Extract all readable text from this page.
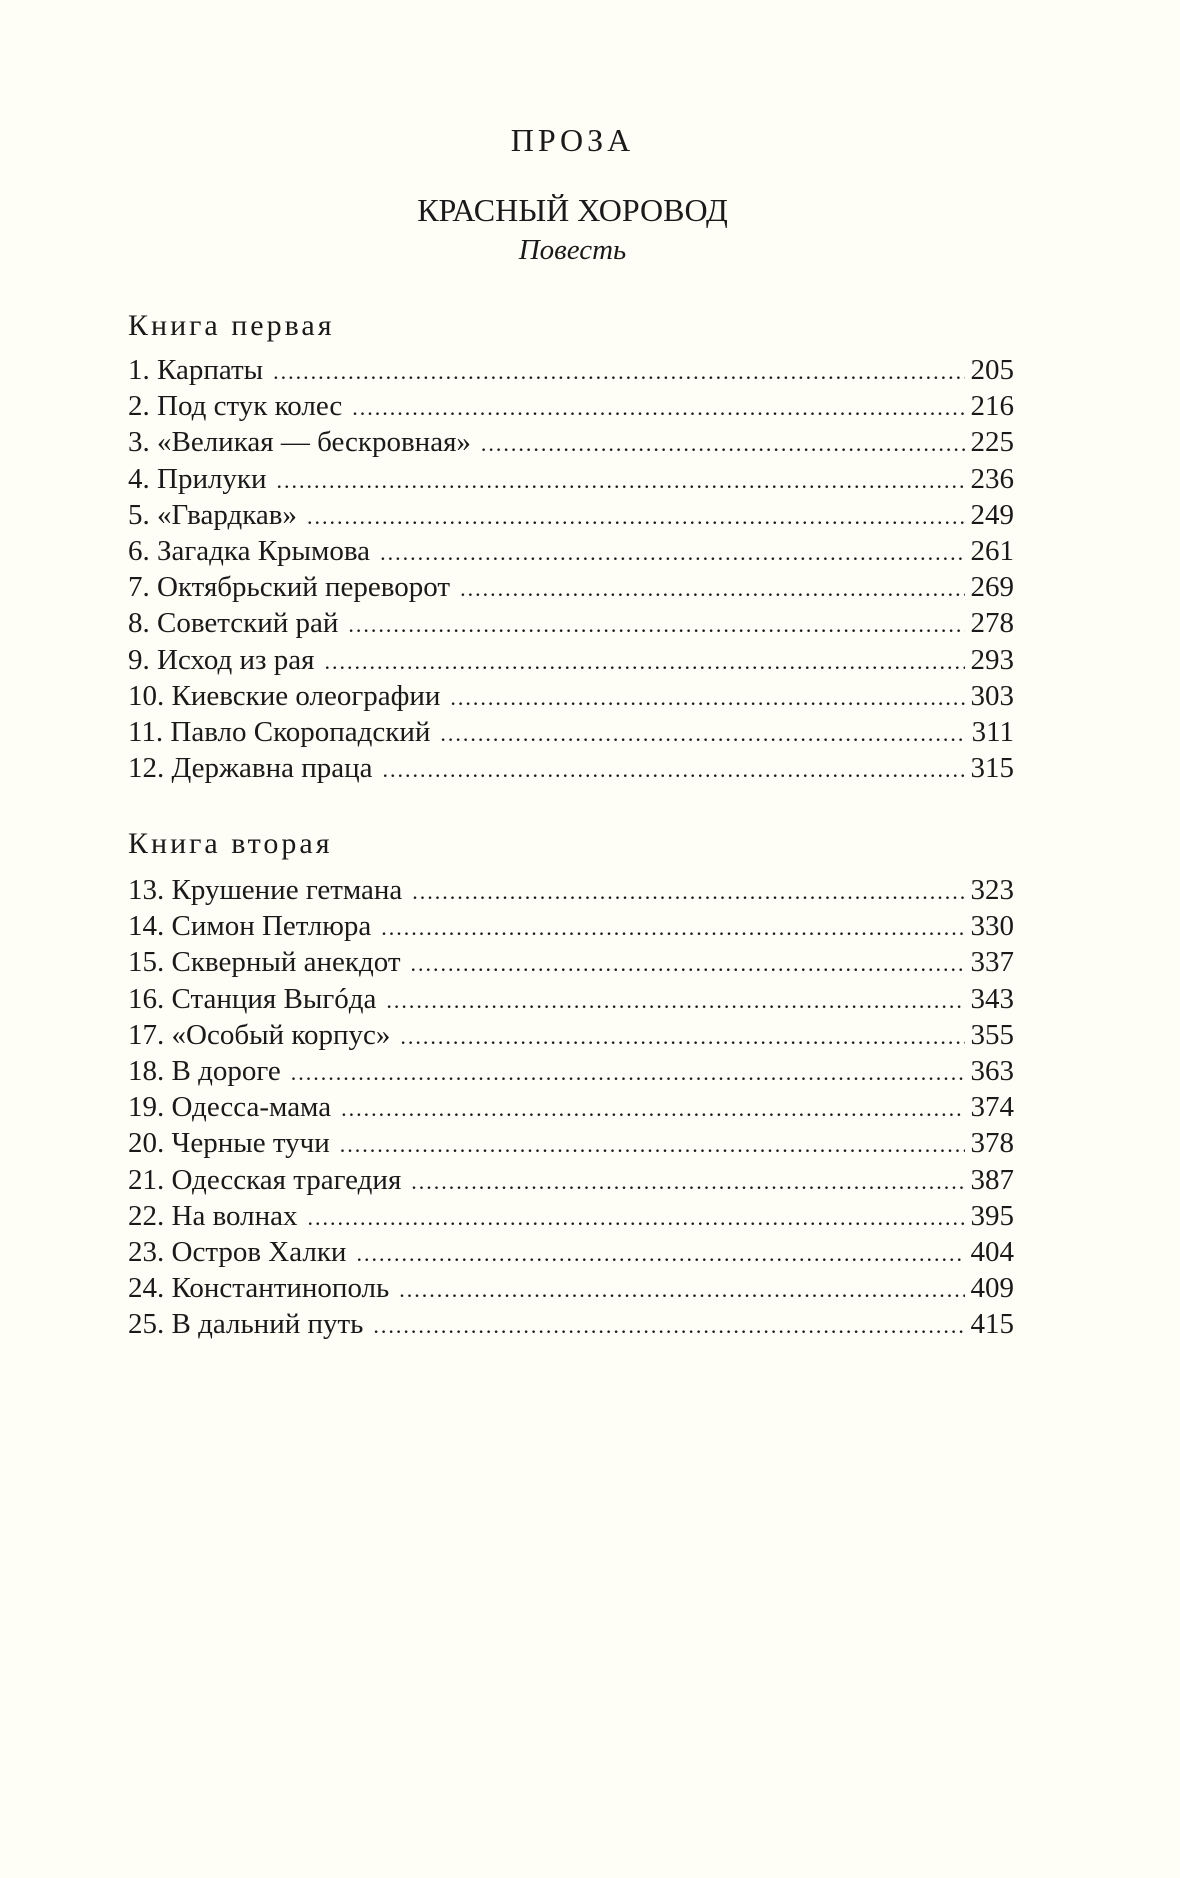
ПРОЗА
КРАСНЫЙ ХОРОВОД
Повесть
Книга первая
1. Карпаты .....	205
2. Под стук колес .....	216
3. «Великая — бескровная» .....	225
4. Прилуки .....	236
5. «Гвардкав» .....	249
6. Загадка Крымова .....	261
7. Октябрьский переворот .....	269
8. Советский рай .....	278
9. Исход из рая .....	293
10. Киевские олеографии .....	303
11. Павло Скоропадский .....	311
12. Державна праца .....	315
Книга вторая
13. Крушение гетмана .....	323
14. Симон Петлюра .....	330
15. Скверный анекдот .....	337
16. Станция Выгóда .....	343
17. «Особый корпус» .....	355
18. В дороге .....	363
19. Одесса-мама .....	374
20. Черные тучи .....	378
21. Одесская трагедия .....	387
22. На волнах .....	395
23. Остров Халки .....	404
24. Константинополь .....	409
25. В дальний путь .....	415
